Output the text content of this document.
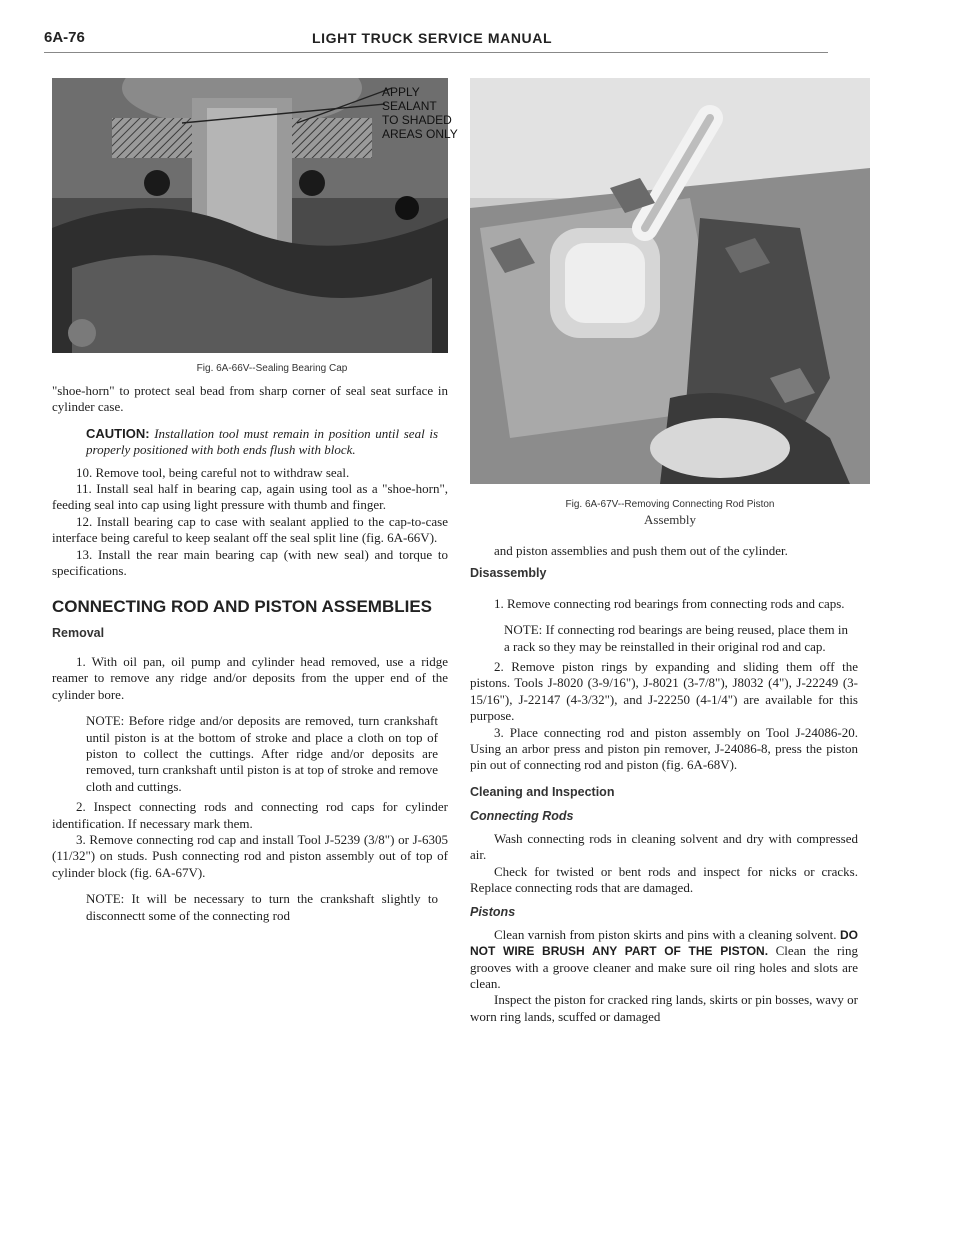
6A-76	LIGHT TRUCK SERVICE MANUAL
APPLY
SEALANT
TO SHADED
AREAS ONLY
Fig. 6A-66V--Sealing Bearing Cap
Fig. 6A-67V--Removing Connecting Rod Piston
Assembly

"shoe-horn" to protect seal bead from sharp corner of seal seat surface in cylinder case.

CAUTION: Installation tool must remain in position until seal is properly positioned with both ends flush with block.

10. Remove tool, being careful not to withdraw seal.

11. Install seal half in bearing cap, again using tool as a "shoe-horn", feeding seal into cap using light pressure with thumb and finger.

12. Install bearing cap to case with sealant applied to the cap-to-case interface being careful to keep sealant off the seal split line (fig. 6A-66V).

13. Install the rear main bearing cap (with new seal) and torque to specifications.

CONNECTING ROD AND PISTON ASSEMBLIES

Removal

1. With oil pan, oil pump and cylinder head removed, use a ridge reamer to remove any ridge and/or deposits from the upper end of the cylinder bore.

NOTE: Before ridge and/or deposits are removed, turn crankshaft until piston is at the bottom of stroke and place a cloth on top of piston to collect the cuttings. After ridge and/or deposits are removed, turn crankshaft until piston is at top of stroke and remove cloth and cuttings.

2. Inspect connecting rods and connecting rod caps for cylinder identification. If necessary mark them.

3. Remove connecting rod cap and install Tool J-5239 (3/8") or J-6305 (11/32") on studs. Push connecting rod and piston assembly out of top of cylinder block (fig. 6A-67V).

NOTE: It will be necessary to turn the crankshaft slightly to disconnectt some of the connecting rod

and piston assemblies and push them out of the cylinder.

Disassembly

1. Remove connecting rod bearings from connecting rods and caps.

NOTE: If connecting rod bearings are being reused, place them in a rack so they may be reinstalled in their original rod and cap.

2. Remove piston rings by expanding and sliding them off the pistons. Tools J-8020 (3-9/16"), J-8021 (3-7/8"), J8032 (4"), J-22249 (3-15/16"), J-22147 (4-3/32"), and J-22250 (4-1/4") are available for this purpose.

3. Place connecting rod and piston assembly on Tool J-24086-20. Using an arbor press and piston pin remover, J-24086-8, press the piston pin out of connecting rod and piston (fig. 6A-68V).

Cleaning and Inspection

Connecting Rods

Wash connecting rods in cleaning solvent and dry with compressed air.

Check for twisted or bent rods and inspect for nicks or cracks. Replace connecting rods that are damaged.

Pistons

Clean varnish from piston skirts and pins with a cleaning solvent. DO NOT WIRE BRUSH ANY PART OF THE PISTON. Clean the ring grooves with a groove cleaner and make sure oil ring holes and slots are clean.

Inspect the piston for cracked ring lands, skirts or pin bosses, wavy or worn ring lands, scuffed or damaged
